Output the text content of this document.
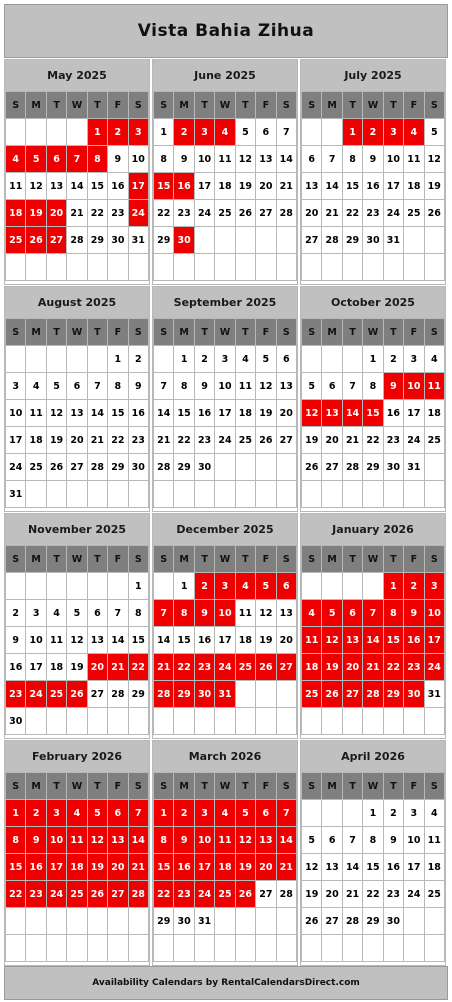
Vista Bahia Zihua
May 2025
S	M	T	W	T	F	S
				1	2	3
4	5	6	7	8	9	10
11	12	13	14	15	16	17
18	19	20	21	22	23	24
25	26	27	28	29	30	31

June 2025
S	M	T	W	T	F	S
1	2	3	4	5	6	7
8	9	10	11	12	13	14
15	16	17	18	19	20	21
22	23	24	25	26	27	28
29	30					

July 2025
S	M	T	W	T	F	S
		1	2	3	4	5
6	7	8	9	10	11	12
13	14	15	16	17	18	19
20	21	22	23	24	25	26
27	28	29	30	31		

August 2025
S	M	T	W	T	F	S
					1	2
3	4	5	6	7	8	9
10	11	12	13	14	15	16
17	18	19	20	21	22	23
24	25	26	27	28	29	30
31						
September 2025
S	M	T	W	T	F	S
	1	2	3	4	5	6
7	8	9	10	11	12	13
14	15	16	17	18	19	20
21	22	23	24	25	26	27
28	29	30				

October 2025
S	M	T	W	T	F	S
			1	2	3	4
5	6	7	8	9	10	11
12	13	14	15	16	17	18
19	20	21	22	23	24	25
26	27	28	29	30	31	

November 2025
S	M	T	W	T	F	S
						1
2	3	4	5	6	7	8
9	10	11	12	13	14	15
16	17	18	19	20	21	22
23	24	25	26	27	28	29
30						
December 2025
S	M	T	W	T	F	S
	1	2	3	4	5	6
7	8	9	10	11	12	13
14	15	16	17	18	19	20
21	22	23	24	25	26	27
28	29	30	31			

January 2026
S	M	T	W	T	F	S
				1	2	3
4	5	6	7	8	9	10
11	12	13	14	15	16	17
18	19	20	21	22	23	24
25	26	27	28	29	30	31

February 2026
S	M	T	W	T	F	S
1	2	3	4	5	6	7
8	9	10	11	12	13	14
15	16	17	18	19	20	21
22	23	24	25	26	27	28

March 2026
S	M	T	W	T	F	S
1	2	3	4	5	6	7
8	9	10	11	12	13	14
15	16	17	18	19	20	21
22	23	24	25	26	27	28
29	30	31				

April 2026
S	M	T	W	T	F	S
			1	2	3	4
5	6	7	8	9	10	11
12	13	14	15	16	17	18
19	20	21	22	23	24	25
26	27	28	29	30		

Availability Calendars by RentalCalendarsDirect.com
